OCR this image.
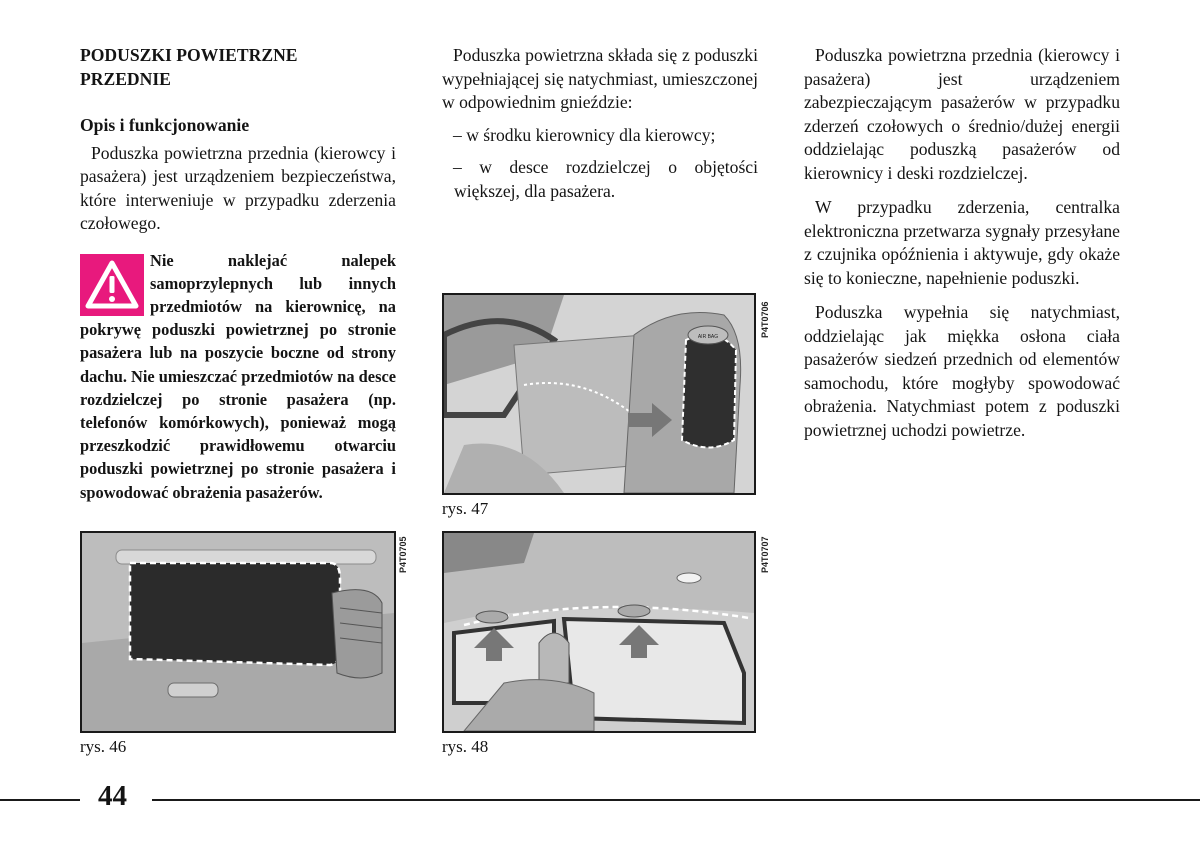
PODUSZKI POWIETRZNE PRZEDNIE
Opis i funkcjonowanie

Poduszka powietrzna przednia (kierowcy i pasażera) jest urządzeniem bezpieczeństwa, które interweniuje w przypadku zderzenia czołowego.

Nie naklejać nalepek samoprzylepnych lub innych przedmiotów na kierownicę, na pokrywę poduszki powietrznej po stronie pasażera lub na poszycie boczne od strony dachu. Nie umieszczać przedmiotów na desce rozdzielczej po stronie pasażera (np. telefonów komórkowych), ponieważ mogą przeszkodzić prawidłowemu otwarciu poduszki powietrznej po stronie pasażera i spowodować obrażenia pasażerów.

Poduszka powietrzna składa się z poduszki wypełniającej się natychmiast, umieszczonej w odpowiednim gnieździe:

– w środku kierownicy dla kierowcy;

– w desce rozdzielczej o objętości większej, dla pasażera.

Poduszka powietrzna przednia (kierowcy i pasażera) jest urządzeniem zabezpieczającym pasażerów w przypadku zderzeń czołowych o średnio/dużej energii oddzielając poduszką pasażerów od kierownicy i deski rozdzielczej.

W przypadku zderzenia, centralka elektroniczna przetwarza sygnały przesyłane z czujnika opóźnienia i aktywuje, gdy okaże się to konieczne, napełnienie poduszki.

Poduszka wypełnia się natychmiast, oddzielając jak miękka osłona ciała pasażerów siedzeń przednich od elementów samochodu, które mogłyby spowodować obrażenia. Natychmiast potem z poduszki powietrznej uchodzi powietrze.

P4T0705
rys. 46
AIR BAG	P4T0706
rys. 47
P4T0707
rys. 48
44
